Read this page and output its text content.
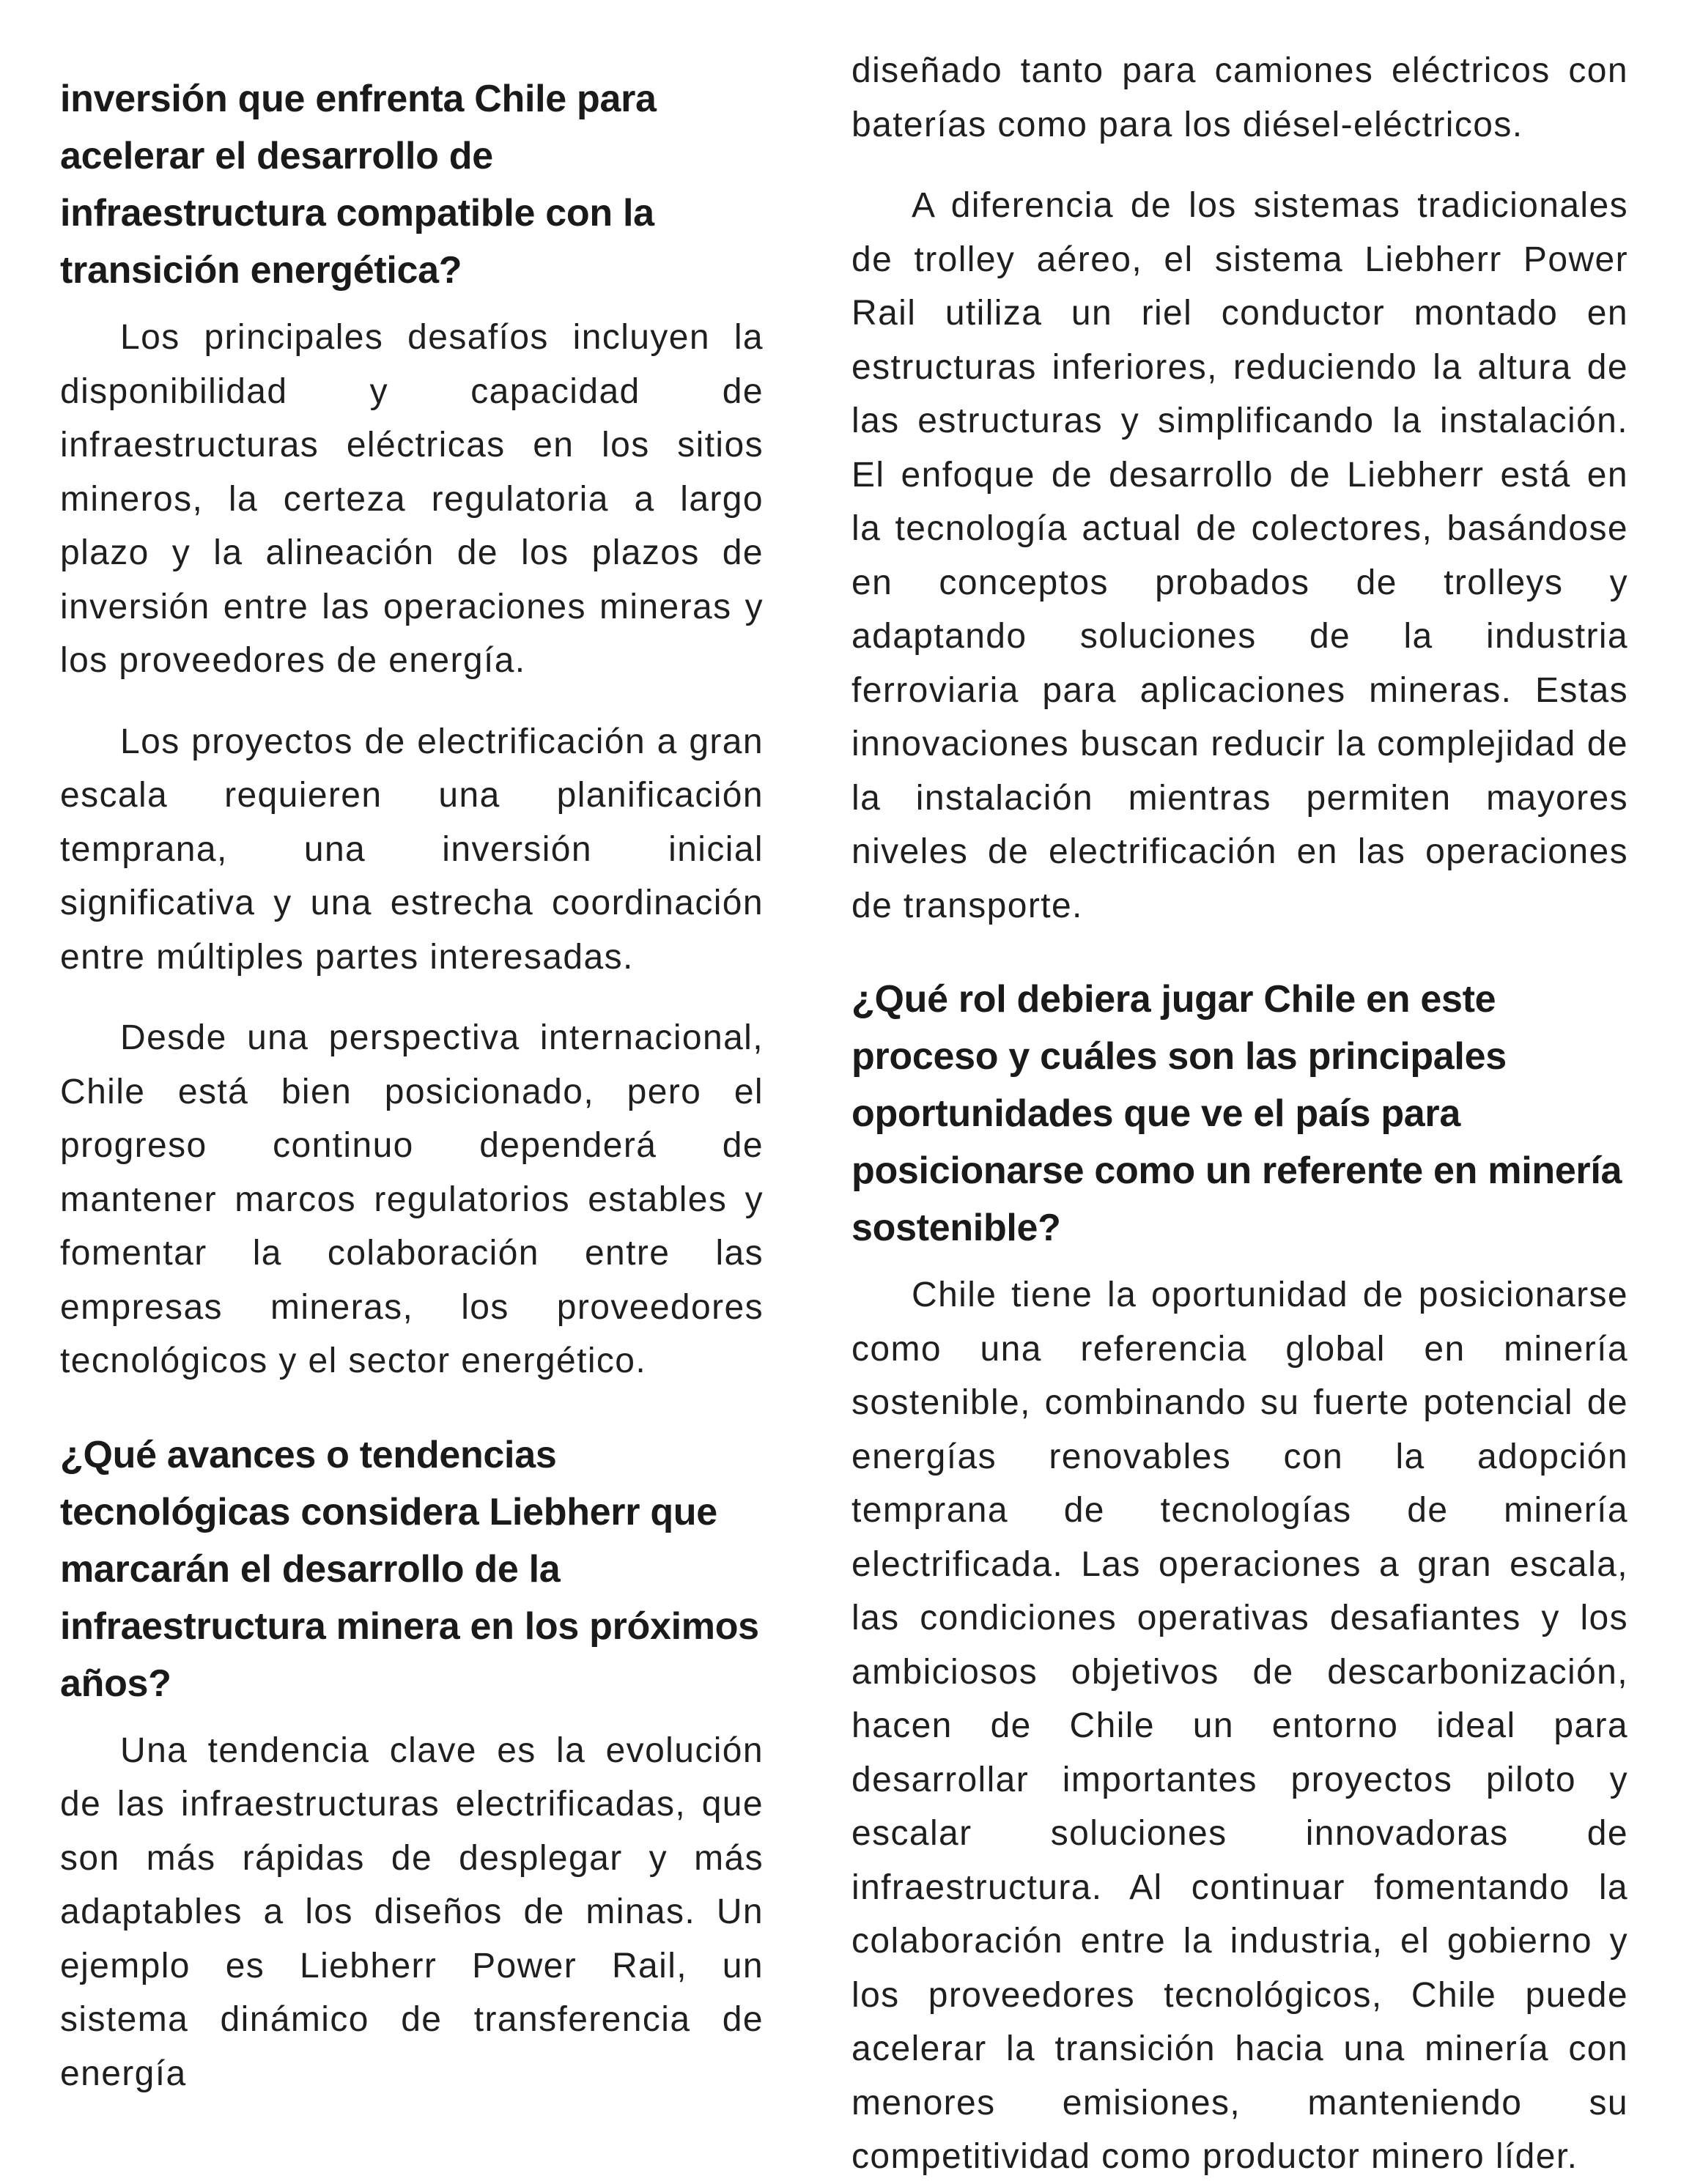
inversión que enfrenta Chile para acelerar el desarrollo de infraestructura compatible con la transición energética?

Los principales desafíos incluyen la disponibilidad y capacidad de infraestructuras eléctricas en los sitios mineros, la certeza regulatoria a largo plazo y la alineación de los plazos de inversión entre las operaciones mineras y los proveedores de energía.

Los proyectos de electrificación a gran escala requieren una planificación temprana, una inversión inicial significativa y una estrecha coordinación entre múltiples partes interesadas.

Desde una perspectiva internacional, Chile está bien posicionado, pero el progreso continuo dependerá de mantener marcos regulatorios estables y fomentar la colaboración entre las empresas mineras, los proveedores tecnológicos y el sector energético.

¿Qué avances o tendencias tecnológicas considera Liebherr que marcarán el desarrollo de la infraestructura minera en los próximos años?

Una tendencia clave es la evolución de las infraestructuras electrificadas, que son más rápidas de desplegar y más adaptables a los diseños de minas. Un ejemplo es Liebherr Power Rail, un sistema dinámico de transferencia de energía

diseñado tanto para camiones eléctricos con baterías como para los diésel-eléctricos.

A diferencia de los sistemas tradicionales de trolley aéreo, el sistema Liebherr Power Rail utiliza un riel conductor montado en estructuras inferiores, reduciendo la altura de las estructuras y simplificando la instalación. El enfoque de desarrollo de Liebherr está en la tecnología actual de colectores, basándose en conceptos probados de trolleys y adaptando soluciones de la industria ferroviaria para aplicaciones mineras. Estas innovaciones buscan reducir la complejidad de la instalación mientras permiten mayores niveles de electrificación en las operaciones de transporte.

¿Qué rol debiera jugar Chile en este proceso y cuáles son las principales oportunidades que ve el país para posicionarse como un referente en minería sostenible?

Chile tiene la oportunidad de posicionarse como una referencia global en minería sostenible, combinando su fuerte potencial de energías renovables con la adopción temprana de tecnologías de minería electrificada. Las operaciones a gran escala, las condiciones operativas desafiantes y los ambiciosos objetivos de descarbonización, hacen de Chile un entorno ideal para desarrollar importantes proyectos piloto y escalar soluciones innovadoras de infraestructura. Al continuar fomentando la colaboración entre la industria, el gobierno y los proveedores tecnológicos, Chile puede acelerar la transición hacia una minería con menores emisiones, manteniendo su competitividad como productor minero líder.
